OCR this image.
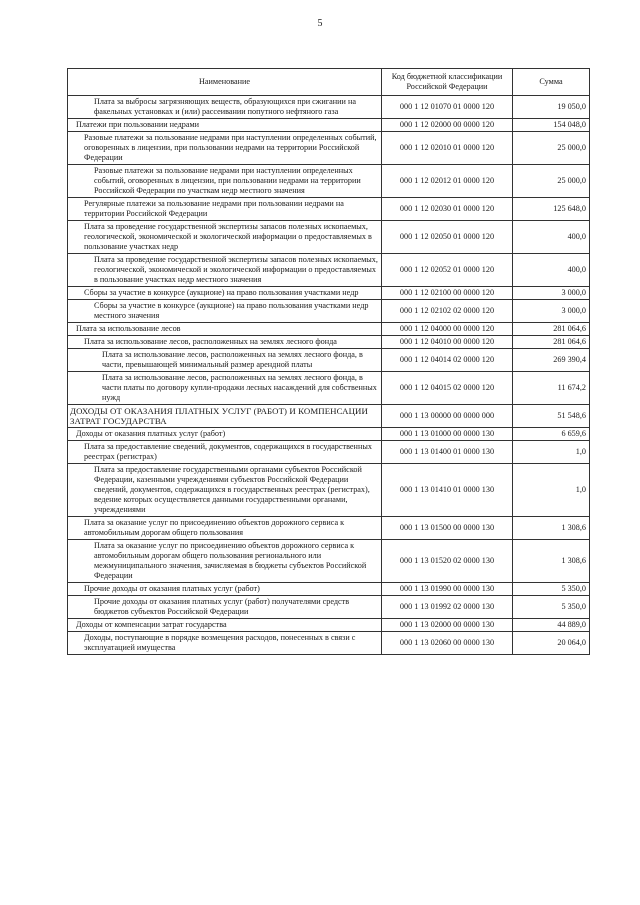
5
Наименование	Код бюджетной классификации Российской Федерации	Сумма
Плата за выбросы загрязняющих веществ, образующихся при сжигании на факельных установках и (или) рассеивании попутного нефтяного газа	000 1 12 01070 01 0000 120	19 050,0
Платежи при пользовании недрами	000 1 12 02000 00 0000 120	154 048,0
Разовые платежи за пользование недрами при наступлении определенных событий, оговоренных в лицензии, при пользовании недрами на территории Российской Федерации	000 1 12 02010 01 0000 120	25 000,0
Разовые платежи за пользование недрами при наступлении определенных событий, оговоренных в лицензии, при пользовании недрами на территории Российской Федерации по участкам недр местного значения	000 1 12 02012 01 0000 120	25 000,0
Регулярные платежи за пользование недрами при пользовании недрами на территории Российской Федерации	000 1 12 02030 01 0000 120	125 648,0
Плата за проведение государственной экспертизы запасов полезных ископаемых, геологической, экономической и экологической информации о предоставляемых в пользование участках недр	000 1 12 02050 01 0000 120	400,0
Плата за проведение государственной экспертизы запасов полезных ископаемых, геологической, экономической и экологической информации о предоставляемых в пользование участках недр местного значения	000 1 12 02052 01 0000 120	400,0
Сборы за участие в конкурсе (аукционе) на право пользования участками недр	000 1 12 02100 00 0000 120	3 000,0
Сборы за участие в конкурсе (аукционе) на право пользования участками недр местного значения	000 1 12 02102 02 0000 120	3 000,0
Плата за использование лесов	000 1 12 04000 00 0000 120	281 064,6
Плата за использование лесов, расположенных на землях лесного фонда	000 1 12 04010 00 0000 120	281 064,6
Плата за использование лесов, расположенных на землях лесного фонда, в части, превышающей минимальный размер арендной платы	000 1 12 04014 02 0000 120	269 390,4
Плата за использование лесов, расположенных на землях лесного фонда, в части платы по договору купли-продажи лесных насаждений для собственных нужд	000 1 12 04015 02 0000 120	11 674,2
ДОХОДЫ ОТ ОКАЗАНИЯ ПЛАТНЫХ УСЛУГ (РАБОТ) И КОМПЕНСАЦИИ ЗАТРАТ ГОСУДАРСТВА	000 1 13 00000 00 0000 000	51 548,6
Доходы от оказания платных услуг (работ)	000 1 13 01000 00 0000 130	6 659,6
Плата за предоставление сведений, документов, содержащихся в государственных реестрах (регистрах)	000 1 13 01400 01 0000 130	1,0
Плата за предоставление государственными органами субъектов Российской Федерации, казенными учреждениями субъектов Российской Федерации сведений, документов, содержащихся в государственных реестрах (регистрах), ведение которых осуществляется данными государственными органами, учреждениями	000 1 13 01410 01 0000 130	1,0
Плата за оказание услуг по присоединению объектов дорожного сервиса к автомобильным дорогам общего пользования	000 1 13 01500 00 0000 130	1 308,6
Плата за оказание услуг по присоединению объектов дорожного сервиса к автомобильным дорогам общего пользования регионального или межмуниципального значения, зачисляемая в бюджеты субъектов Российской Федерации	000 1 13 01520 02 0000 130	1 308,6
Прочие доходы от оказания платных услуг (работ)	000 1 13 01990 00 0000 130	5 350,0
Прочие доходы от оказания платных услуг (работ) получателями средств бюджетов субъектов Российской Федерации	000 1 13 01992 02 0000 130	5 350,0
Доходы от компенсации затрат государства	000 1 13 02000 00 0000 130	44 889,0
Доходы, поступающие в порядке возмещения расходов, понесенных в связи с эксплуатацией имущества	000 1 13 02060 00 0000 130	20 064,0
